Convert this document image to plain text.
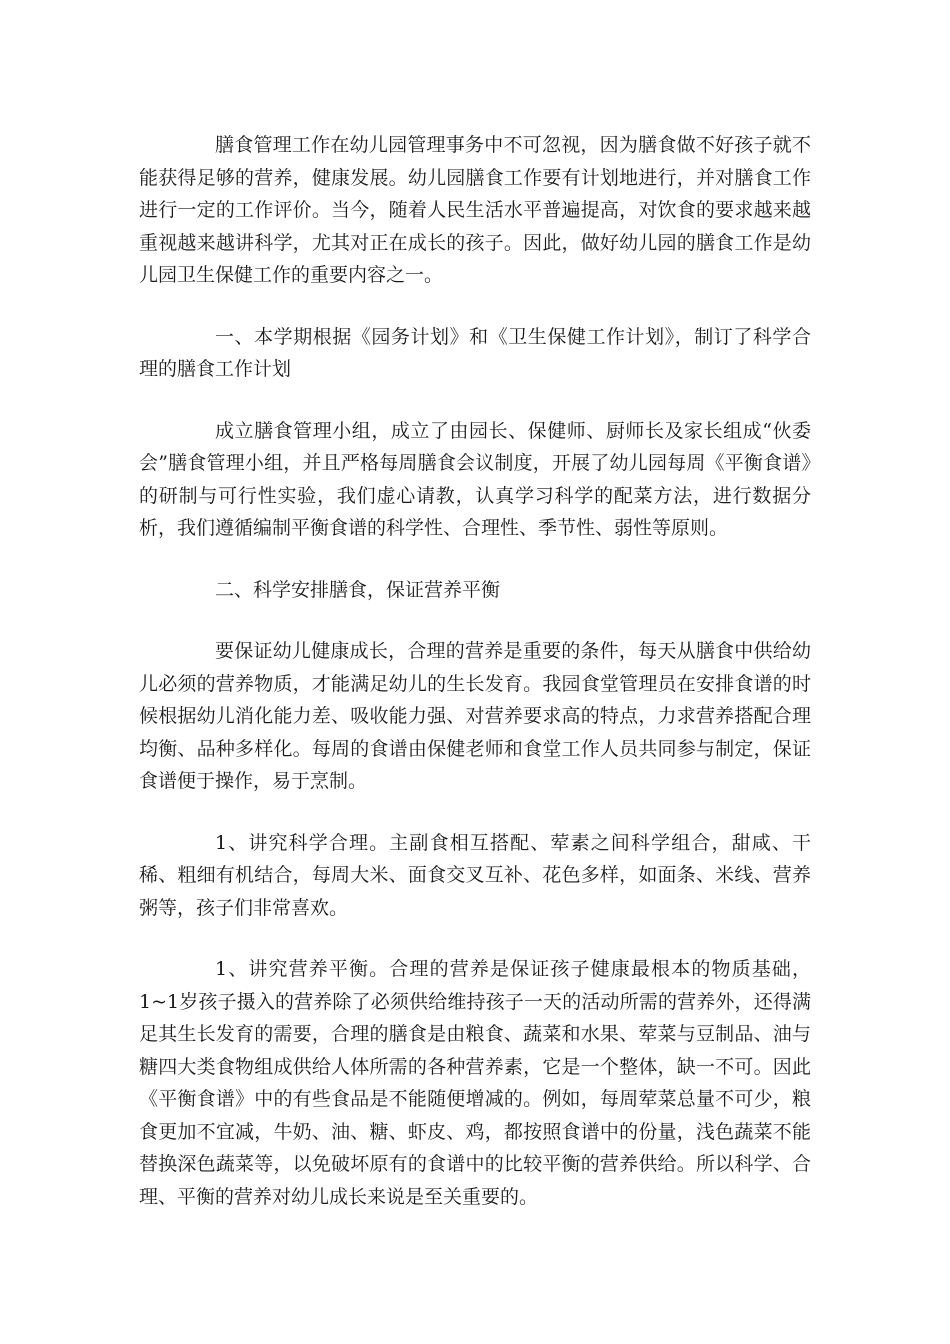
膳食管理工作在幼儿园管理事务中不可忽视，因为膳食做不好孩子就不能获得足够的营养，健康发展。幼儿园膳食工作要有计划地进行，并对膳食工作进行一定的工作评价。当今，随着人民生活水平普遍提高，对饮食的要求越来越重视越来越讲科学，尤其对正在成长的孩子。因此，做好幼儿园的膳食工作是幼儿园卫生保健工作的重要内容之一。

一、本学期根据《园务计划》和《卫生保健工作计划》，制订了科学合理的膳食工作计划

成立膳食管理小组，成立了由园长、保健师、厨师长及家长组成“伙委会”膳食管理小组，并且严格每周膳食会议制度，开展了幼儿园每周《平衡食谱》的研制与可行性实验，我们虚心请教，认真学习科学的配菜方法，进行数据分析，我们遵循编制平衡食谱的科学性、合理性、季节性、弱性等原则。

二、科学安排膳食，保证营养平衡

要保证幼儿健康成长，合理的营养是重要的条件，每天从膳食中供给幼儿必须的营养物质，才能满足幼儿的生长发育。我园食堂管理员在安排食谱的时候根据幼儿消化能力差、吸收能力强、对营养要求高的特点，力求营养搭配合理均衡、品种多样化。每周的食谱由保健老师和食堂工作人员共同参与制定，保证食谱便于操作，易于烹制。

1、讲究科学合理。主副食相互搭配、荤素之间科学组合，甜咸、干稀、粗细有机结合，每周大米、面食交叉互补、花色多样，如面条、米线、营养粥等，孩子们非常喜欢。

1、讲究营养平衡。合理的营养是保证孩子健康最根本的物质基础，1~1岁孩子摄入的营养除了必须供给维持孩子一天的活动所需的营养外，还得满足其生长发育的需要，合理的膳食是由粮食、蔬菜和水果、荤菜与豆制品、油与糖四大类食物组成供给人体所需的各种营养素，它是一个整体，缺一不可。因此《平衡食谱》中的有些食品是不能随便增减的。例如，每周荤菜总量不可少，粮食更加不宜减，牛奶、油、糖、虾皮、鸡，都按照食谱中的份量，浅色蔬菜不能替换深色蔬菜等，以免破坏原有的食谱中的比较平衡的营养供给。所以科学、合理、平衡的营养对幼儿成长来说是至关重要的。
